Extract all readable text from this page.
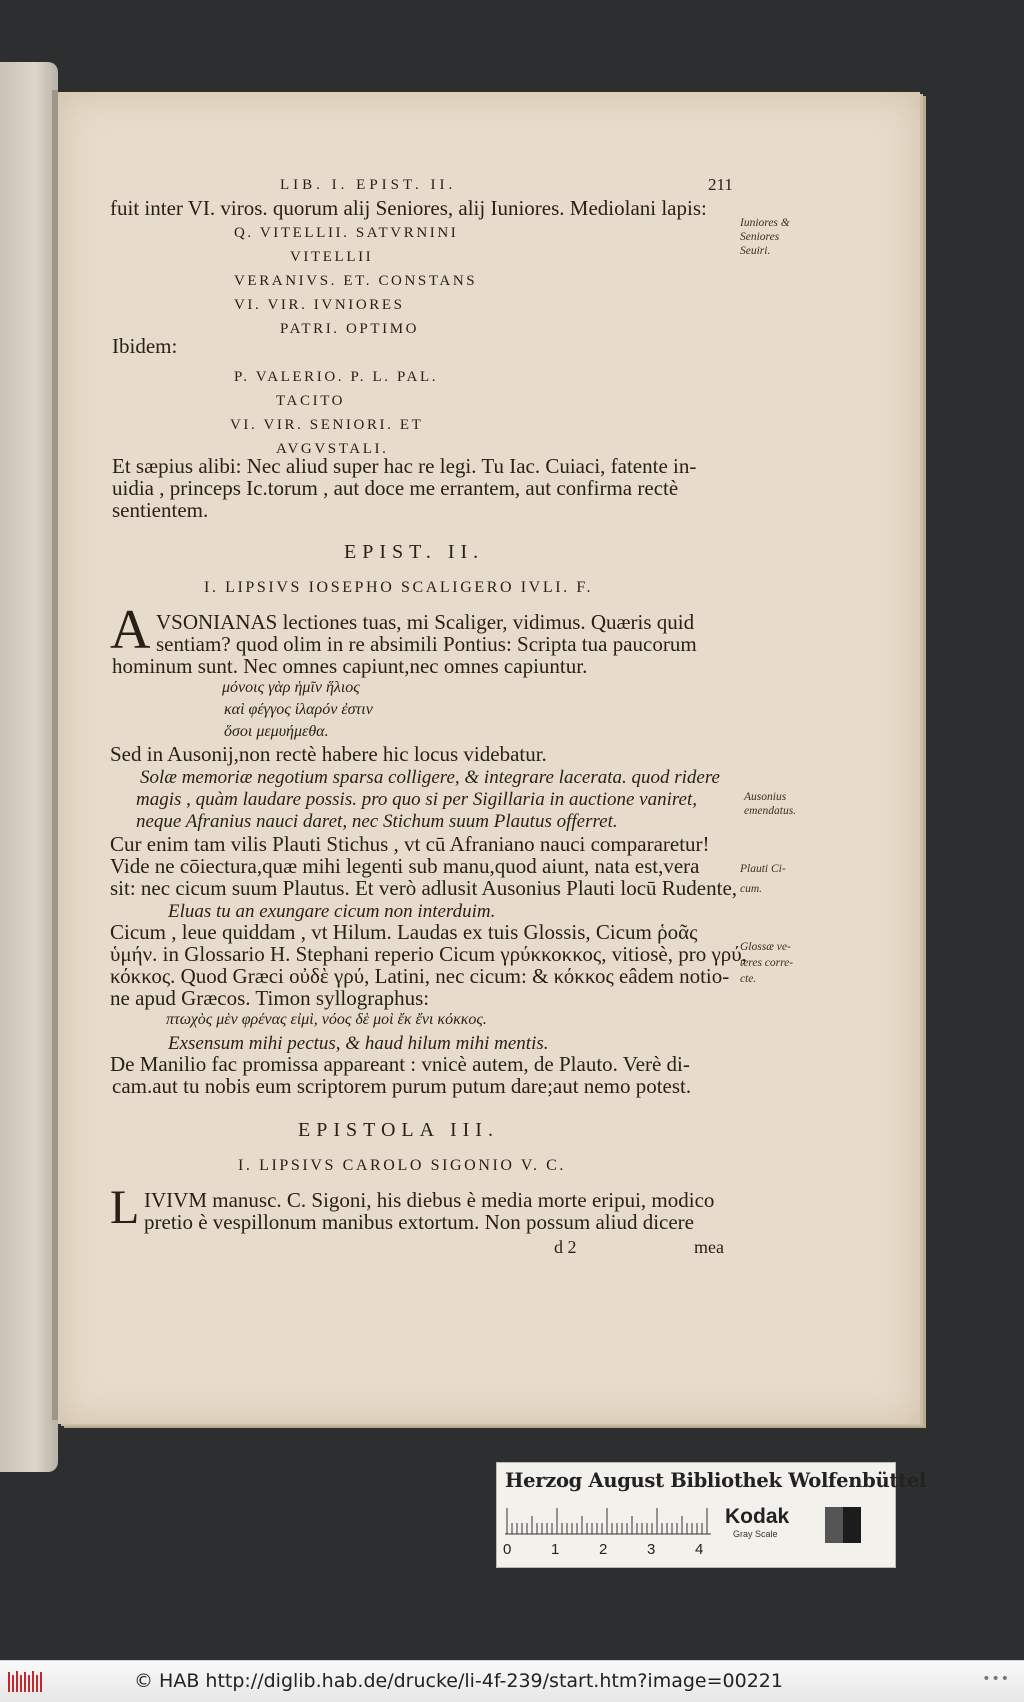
LIB. I. EPIST. II.	211
fuit inter VI. viros. quorum alij Seniores, alij Iuniores. Mediolani lapis:
Q. VITELLII. SATVRNINI
VITELLII
VERANIVS. ET. CONSTANS
VI. VIR. IVNIORES
PATRI. OPTIMO
Ibidem:
P. VALERIO. P. L. PAL.
TACITO
VI. VIR. SENIORI. ET
AVGVSTALI.
Et sæpius alibi: Nec aliud super hac re legi. Tu Iac. Cuiaci, fatente in-
uidia , princeps Ic.torum , aut doce me errantem, aut confirma rectè
sentientem.
EPIST. II.
I. LIPSIVS IOSEPHO SCALIGERO IVLI. F.
A VSONIANAS lectiones tuas, mi Scaliger, vidimus. Quæris quid
sentiam? quod olim in re absimili Pontius: Scripta tua paucorum
hominum sunt. Nec omnes capiunt,nec omnes capiuntur.
μόνοις γὰρ ἡμῖν ἥλιος
καὶ φέγγος ἱλαρόν ἐστιν
ὅσοι μεμυήμεθα.
Sed in Ausonij,non rectè habere hic locus videbatur.
Solæ memoriæ negotium sparsa colligere, & integrare lacerata. quod ridere
magis , quàm laudare possis. pro quo si per Sigillaria in auctione vaniret,
neque Afranius nauci daret, nec Stichum suum Plautus offerret.
Cur enim tam vilis Plauti Stichus , vt cū Afraniano nauci compararetur!
Vide ne cōiectura,quæ mihi legenti sub manu,quod aiunt, nata est,vera
sit: nec cicum suum Plautus. Et verò adlusit Ausonius Plauti locū Rudente,
Eluas tu an exungare cicum non interduim.
Cicum , leue quiddam , vt Hilum. Laudas ex tuis Glossis, Cicum ῥοᾶς
ὑμήν. in Glossario H. Stephani reperio Cicum γρύκκοκκος, vitiosè, pro γρύ,
κόκκος. Quod Græci οὐδὲ γρύ, Latini, nec cicum: & κόκκος eâdem notio-
ne apud Græcos. Timon syllographus:
πτωχὸς μὲν φρένας εἰμὶ, νόος δὲ μοὶ ἔκ ἔνι κόκκος.
Exsensum mihi pectus, & haud hilum mihi mentis.
De Manilio fac promissa appareant : vnicè autem, de Plauto. Verè di-
cam.aut tu nobis eum scriptorem purum putum dare;aut nemo potest.
EPISTOLA III.
I. LIPSIVS CAROLO SIGONIO V. C.
L IVIVM manusc. C. Sigoni, his diebus è media morte eripui, modico
pretio è vespillonum manibus extortum. Non possum aliud dicere
d 2	mea
Iuniores &
Seniores
Seuiri.
Ausonius
emendatus.
Plauti Ci-
cum.
Glossæ ve-
teres corre-
cte.
Herzog August Bibliothek Wolfenbüttel
0	1	2	3	4
Kodak
Gray Scale
© HAB http://diglib.hab.de/drucke/li-4f-239/start.htm?image=00221	•••
